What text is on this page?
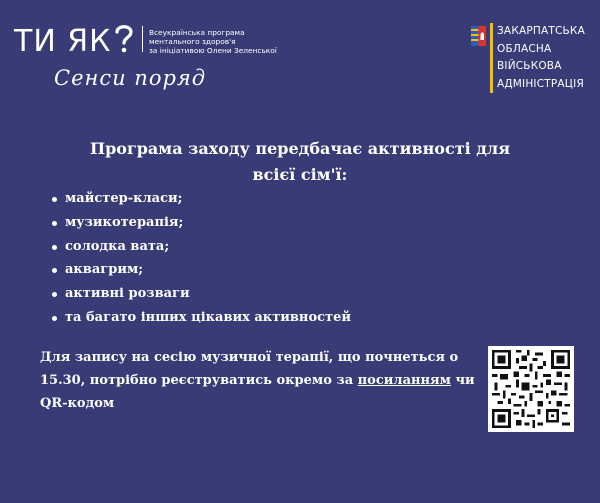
ТИ ЯК	Всеукраїнська програма
ментального здоров'я
за ініціативою Олени Зеленської
Сенси поряд
ЗАКАРПАТСЬКА
ОБЛАСНА
ВІЙСЬКОВА
АДМІНІСТРАЦІЯ
Програма заходу передбачає активності для
всієї сім'ї:
майстер-класи;
музикотерапія;
солодка вата;
аквагрим;
активні розваги
та багато інших цікавих активностей
Для запису на сесію музичної терапії, що почнеться о
15.30, потрібно реєструватись окремо за посиланням чи
QR-кодом
